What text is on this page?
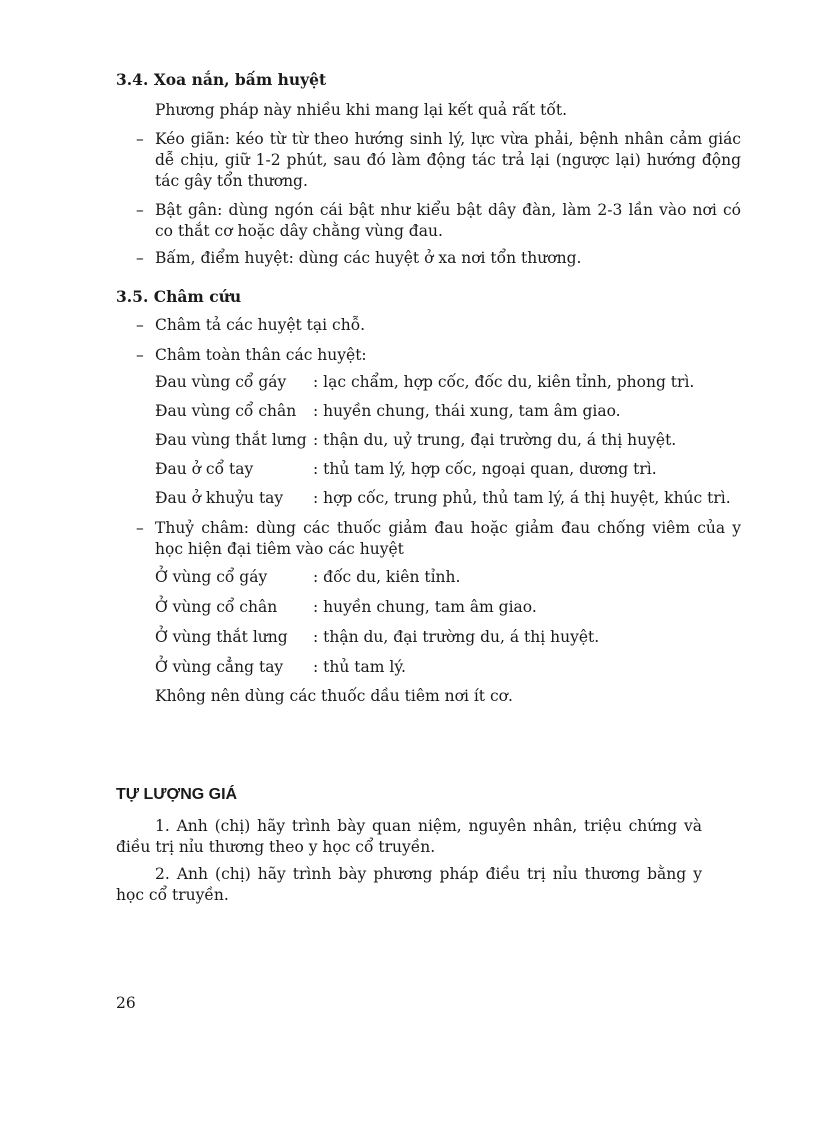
3.4. Xoa nắn, bấm huyệt

Phương pháp này nhiều khi mang lại kết quả rất tốt.

– Kéo giãn: kéo từ từ theo hướng sinh lý, lực vừa phải, bệnh nhân cảm giác dễ chịu, giữ 1-2 phút, sau đó làm động tác trả lại (ngược lại) hướng động tác gây tổn thương.
– Bật gân: dùng ngón cái bật như kiểu bật dây đàn, làm 2-3 lần vào nơi có co thắt cơ hoặc dây chằng vùng đau.
– Bấm, điểm huyệt: dùng các huyệt ở xa nơi tổn thương.

3.5. Châm cứu

– Châm tả các huyệt tại chỗ.
– Châm toàn thân các huyệt:
Đau vùng cổ gáy	: lạc chẩm, hợp cốc, đốc du, kiên tỉnh, phong trì.
Đau vùng cổ chân	: huyền chung, thái xung, tam âm giao.
Đau vùng thắt lưng : thận du, uỷ trung, đại trường du, á thị huyệt.
Đau ở cổ tay	: thủ tam lý, hợp cốc, ngoại quan, dương trì.
Đau ở khuỷu tay	: hợp cốc, trung phủ, thủ tam lý, á thị huyệt, khúc trì.
– Thuỷ châm: dùng các thuốc giảm đau hoặc giảm đau chống viêm của y học hiện đại tiêm vào các huyệt
Ở vùng cổ gáy	: đốc du, kiên tỉnh.
Ở vùng cổ chân	: huyền chung, tam âm giao.
Ở vùng thắt lưng	: thận du, đại trường du, á thị huyệt.
Ở vùng cẳng tay	: thủ tam lý.

Không nên dùng các thuốc dầu tiêm nơi ít cơ.

TỰ LƯỢNG GIÁ

1. Anh (chị) hãy trình bày quan niệm, nguyên nhân, triệu chứng và điều trị nỉu thương theo y học cổ truyền.

2. Anh (chị) hãy trình bày phương pháp điều trị nỉu thương bằng y học cổ truyền.

26
